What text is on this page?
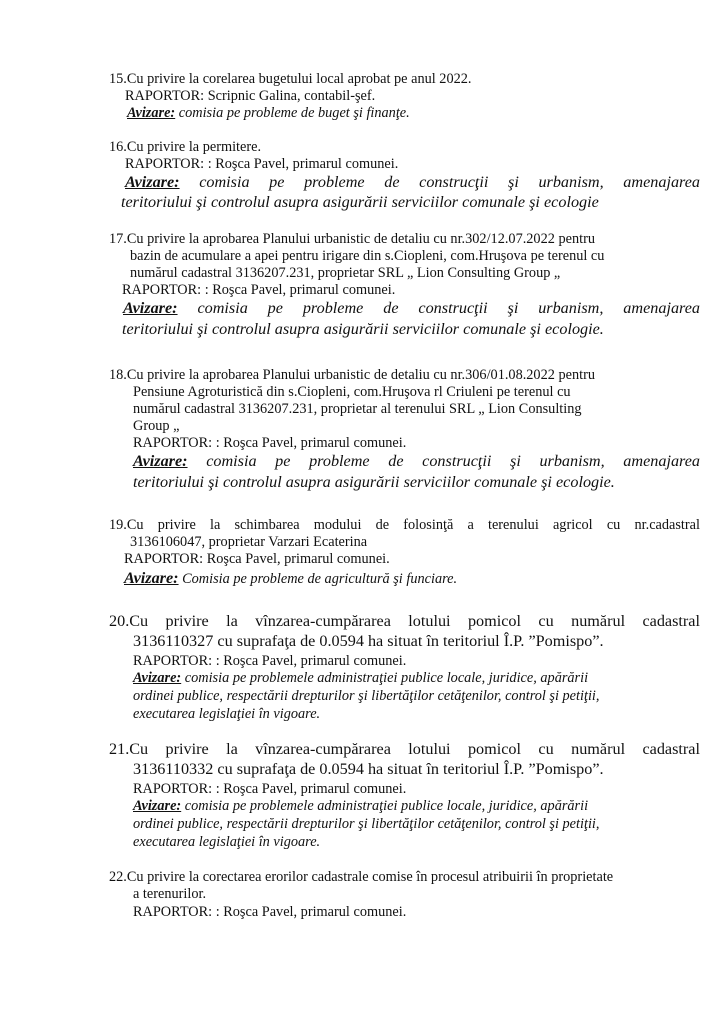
15.Cu privire la corelarea bugetului local aprobat pe anul 2022.
RAPORTOR: Scripnic Galina, contabil-şef.
Avizare: comisia pe probleme de buget şi finanţe.
16.Cu privire la permitere.
RAPORTOR: : Roşca Pavel, primarul comunei.
Avizare: comisia pe probleme de construcţii şi urbanism, amenajarea
teritoriului şi controlul asupra asigurării serviciilor comunale şi ecologie
17.Cu privire la aprobarea Planului urbanistic de detaliu cu nr.302/12.07.2022 pentru
bazin de acumulare a apei pentru irigare din s.Ciopleni, com.Hruşova pe terenul cu
numărul cadastral 3136207.231, proprietar SRL „ Lion Consulting Group „
RAPORTOR: : Roşca Pavel, primarul comunei.
Avizare: comisia pe probleme de construcţii şi urbanism, amenajarea
teritoriului şi controlul asupra asigurării serviciilor comunale şi ecologie.
18.Cu privire la aprobarea Planului urbanistic de detaliu cu nr.306/01.08.2022 pentru
Pensiune Agroturistică din s.Ciopleni, com.Hruşova rl Criuleni pe terenul cu
numărul cadastral 3136207.231, proprietar al terenului SRL „ Lion Consulting
Group „
RAPORTOR: : Roşca Pavel, primarul comunei.
Avizare: comisia pe probleme de construcţii şi urbanism, amenajarea
teritoriului şi controlul asupra asigurării serviciilor comunale şi ecologie.
19.Cu privire la schimbarea modului de folosinţă a terenului agricol cu nr.cadastral
3136106047, proprietar Varzari Ecaterina
RAPORTOR: Roşca Pavel, primarul comunei.
Avizare: Comisia pe probleme de agricultură şi funciare.
20.Cu privire la vînzarea-cumpărarea lotului pomicol cu numărul cadastral
3136110327 cu suprafaţa de 0.0594 ha situat în teritoriul Î.P. ”Pomispo”.
RAPORTOR: : Roşca Pavel, primarul comunei.
Avizare: comisia pe problemele administraţiei publice locale, juridice, apărării
ordinei publice, respectării drepturilor şi libertăţilor cetăţenilor, control şi petiţii,
executarea legislaţiei în vigoare.
21.Cu privire la vînzarea-cumpărarea lotului pomicol cu numărul cadastral
3136110332 cu suprafaţa de 0.0594 ha situat în teritoriul Î.P. ”Pomispo”.
RAPORTOR: : Roşca Pavel, primarul comunei.
Avizare: comisia pe problemele administraţiei publice locale, juridice, apărării
ordinei publice, respectării drepturilor şi libertăţilor cetăţenilor, control şi petiţii,
executarea legislaţiei în vigoare.
22.Cu privire la corectarea erorilor cadastrale comise în procesul atribuirii în proprietate
a terenurilor.
RAPORTOR: : Roşca Pavel, primarul comunei.
